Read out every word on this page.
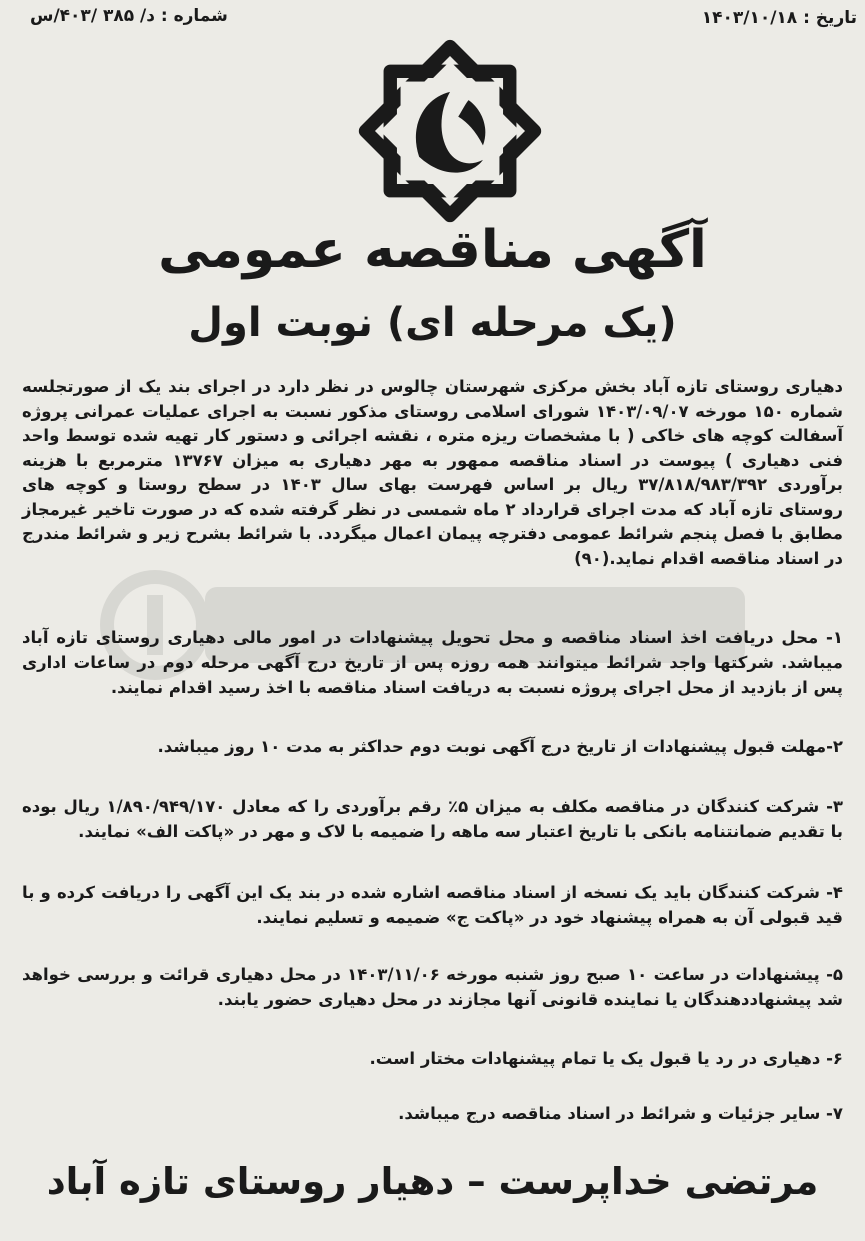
تاریخ : ۱۴۰۳/۱۰/۱۸
شماره : د/ ۳۸۵ /۴۰۳/س
آگهی مناقصه عمومی
(یک مرحله ای) نوبت اول
دهیاری روستای تازه آباد بخش مرکزی شهرستان چالوس در نظر دارد در اجرای بند یک از صورتجلسه شماره ۱۵۰ مورخه ۱۴۰۳/۰۹/۰۷ شورای اسلامی روستای مذکور نسبت به اجرای عملیات عمرانی پروژه آسفالت کوچه های خاکی ( با مشخصات ریزه متره ، نقشه اجرائی و دستور کار تهیه شده توسط واحد فنی دهیاری ) پیوست در اسناد مناقصه ممهور به مهر دهیاری به میزان ۱۳۷۶۷ مترمربع با هزینه برآوردی ۳۷/۸۱۸/۹۸۳/۳۹۲ ریال بر اساس فهرست بهای سال ۱۴۰۳ در سطح روستا و کوچه های روستای تازه آباد که مدت اجرای قرارداد ۲ ماه شمسی در نظر گرفته شده که در صورت تاخیر غیرمجاز مطابق با فصل پنجم شرائط عمومی دفترچه پیمان اعمال میگردد. با شرائط بشرح زیر و شرائط مندرج در اسناد مناقصه اقدام نماید.(۹۰)
۱- محل دریافت اخذ اسناد مناقصه و محل تحویل پیشنهادات در امور مالی دهیاری روستای تازه آباد میباشد. شرکتها واجد شرائط میتوانند همه روزه پس از تاریخ درج آگهی مرحله دوم در ساعات اداری پس از بازدید از محل اجرای پروژه نسبت به دریافت اسناد مناقصه با اخذ رسید اقدام نمایند.
۲-مهلت قبول پیشنهادات از تاریخ درج آگهی نوبت دوم حداکثر به مدت ۱۰ روز میباشد.
۳- شرکت کنندگان در مناقصه مکلف به میزان ۵٪ رقم برآوردی را که معادل ۱/۸۹۰/۹۴۹/۱۷۰ ریال بوده با تقدیم ضمانتنامه بانکی با تاریخ اعتبار سه ماهه را ضمیمه با لاک و مهر در «پاکت الف» نمایند.
۴- شرکت کنندگان باید یک نسخه از اسناد مناقصه اشاره شده در بند یک این آگهی را دریافت کرده و با قید قبولی آن به همراه پیشنهاد خود در «پاکت ج» ضمیمه و تسلیم نمایند.
۵- پیشنهادات در ساعت ۱۰ صبح روز شنبه مورخه ۱۴۰۳/۱۱/۰۶ در محل دهیاری قرائت و بررسی خواهد شد پیشنهاددهندگان یا نماینده قانونی آنها مجازند در محل دهیاری حضور یابند.
۶- دهیاری در رد یا قبول یک یا تمام پیشنهادات مختار است.
۷- سایر جزئیات و شرائط در اسناد مناقصه درج میباشد.
مرتضی خداپرست – دهیار روستای تازه آباد
